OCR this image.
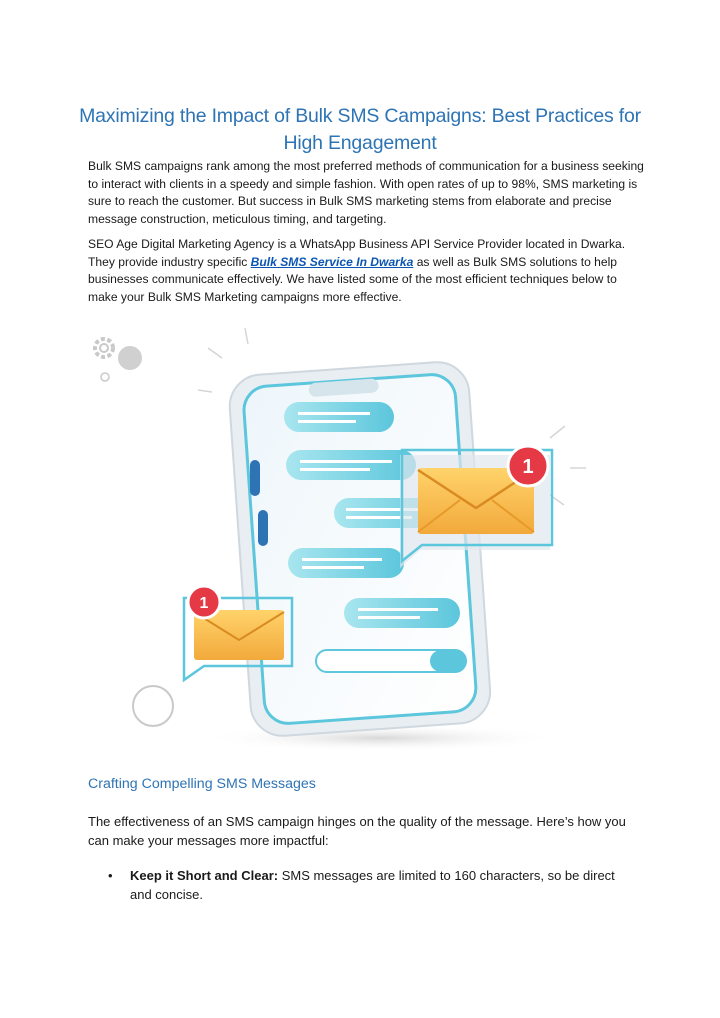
Maximizing the Impact of Bulk SMS Campaigns: Best Practices for High Engagement

Bulk SMS campaigns rank among the most preferred methods of communication for a business seeking to interact with clients in a speedy and simple fashion. With open rates of up to 98%, SMS marketing is sure to reach the customer. But success in Bulk SMS marketing stems from elaborate and precise message construction, meticulous timing, and targeting.

SEO Age Digital Marketing Agency is a WhatsApp Business API Service Provider located in Dwarka. They provide industry specific Bulk SMS Service In Dwarka as well as Bulk SMS solutions to help businesses communicate effectively. We have listed some of the most efficient techniques below to make your Bulk SMS Marketing campaigns more effective.

1
1
Crafting Compelling SMS Messages

The effectiveness of an SMS campaign hinges on the quality of the message. Here’s how you can make your messages more impactful:

• Keep it Short and Clear: SMS messages are limited to 160 characters, so be direct and concise.
